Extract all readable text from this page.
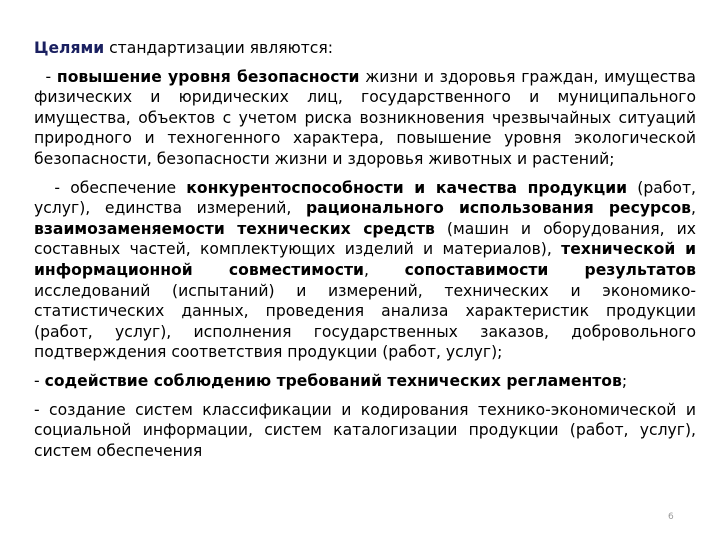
Целями стандартизации являются:

- повышение уровня безопасности жизни и здоровья граждан, имущества физических и юридических лиц, государственного и муниципального имущества, объектов с учетом риска возникновения чрезвычайных ситуаций природного и техногенного характера, повышение уровня экологической безопасности, безопасности жизни и здоровья животных и растений;

- обеспечение конкурентоспособности и качества продукции (работ, услуг), единства измерений, рационального использования ресурсов, взаимозаменяемости технических средств (машин и оборудования, их составных частей, комплектующих изделий и материалов), технической и информационной совместимости, сопоставимости результатов исследований (испытаний) и измерений, технических и экономико-статистических данных, проведения анализа характеристик продукции (работ, услуг), исполнения государственных заказов, добровольного подтверждения соответствия продукции (работ, услуг);

- содействие соблюдению требований технических регламентов;

- создание систем классификации и кодирования технико-экономической и социальной информации, систем каталогизации продукции (работ, услуг), систем обеспечения

6
